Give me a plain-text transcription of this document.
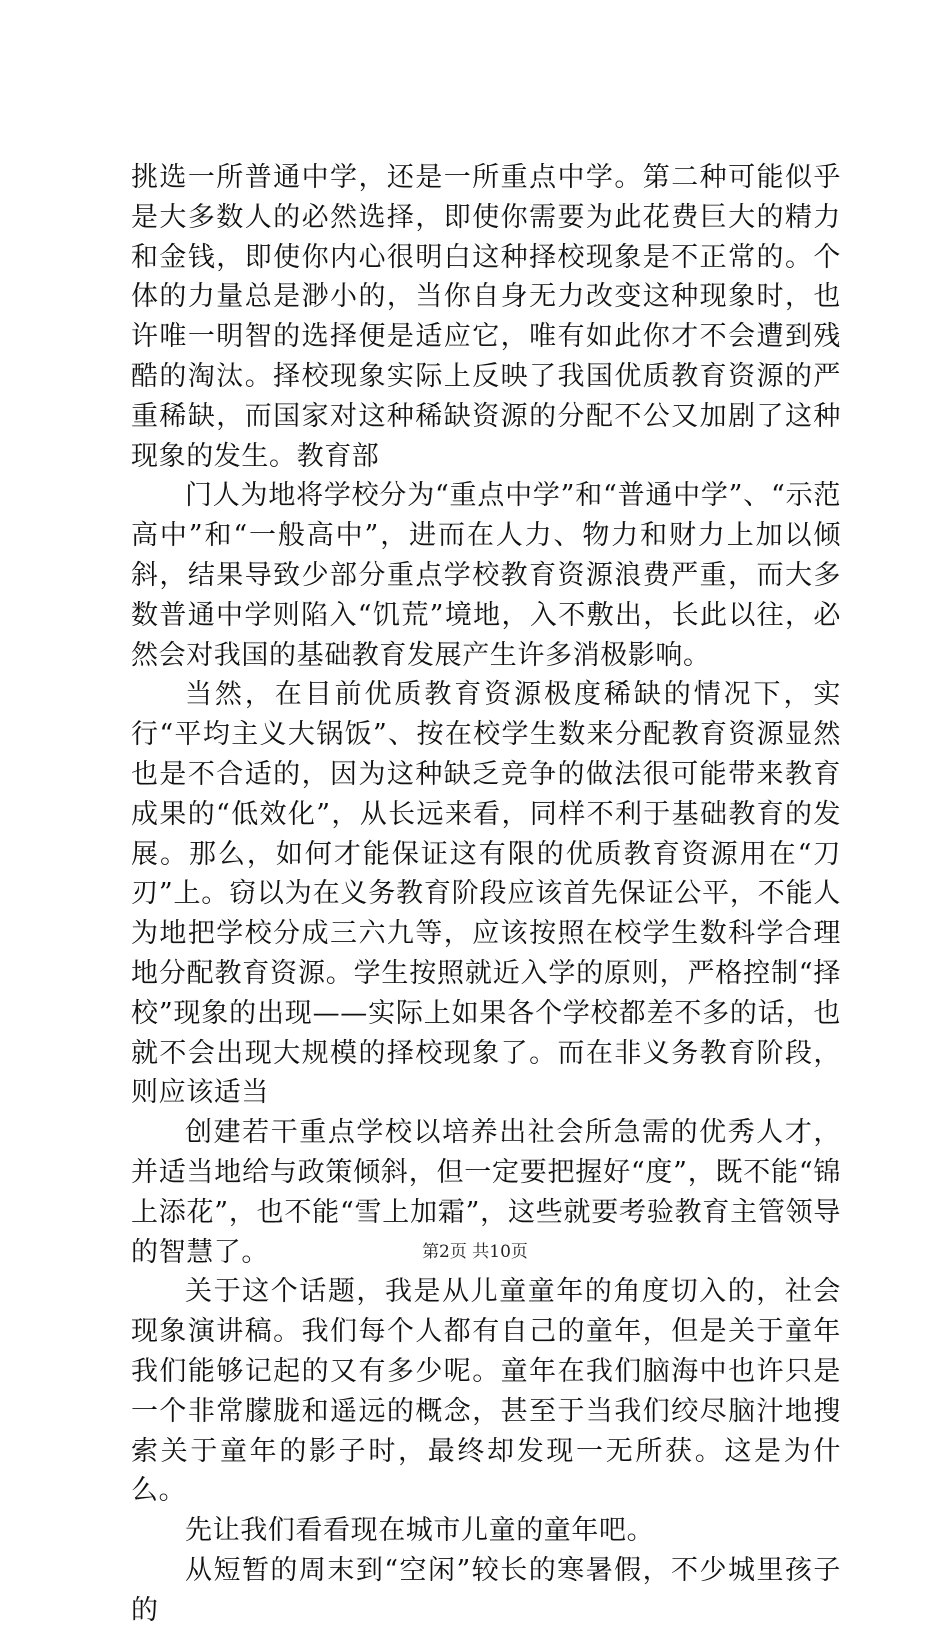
挑选一所普通中学，还是一所重点中学。第二种可能似乎是大多数人的必然选择，即使你需要为此花费巨大的精力和金钱，即使你内心很明白这种择校现象是不正常的。个体的力量总是渺小的，当你自身无力改变这种现象时，也许唯一明智的选择便是适应它，唯有如此你才不会遭到残酷的淘汰。择校现象实际上反映了我国优质教育资源的严重稀缺，而国家对这种稀缺资源的分配不公又加剧了这种现象的发生。教育部

门人为地将学校分为“重点中学”和“普通中学”、“示范高中”和“一般高中”，进而在人力、物力和财力上加以倾斜，结果导致少部分重点学校教育资源浪费严重，而大多数普通中学则陷入“饥荒”境地，入不敷出，长此以往，必然会对我国的基础教育发展产生许多消极影响。

当然，在目前优质教育资源极度稀缺的情况下，实行“平均主义大锅饭”、按在校学生数来分配教育资源显然也是不合适的，因为这种缺乏竞争的做法很可能带来教育成果的“低效化”，从长远来看，同样不利于基础教育的发展。那么，如何才能保证这有限的优质教育资源用在“刀刃”上。窃以为在义务教育阶段应该首先保证公平，不能人为地把学校分成三六九等，应该按照在校学生数科学合理地分配教育资源。学生按照就近入学的原则，严格控制“择校”现象的出现——实际上如果各个学校都差不多的话，也就不会出现大规模的择校现象了。而在非义务教育阶段，则应该适当

创建若干重点学校以培养出社会所急需的优秀人才，并适当地给与政策倾斜，但一定要把握好“度”，既不能“锦上添花”，也不能“雪上加霜”，这些就要考验教育主管领导的智慧了。

关于这个话题，我是从儿童童年的角度切入的，社会现象演讲稿。我们每个人都有自己的童年，但是关于童年我们能够记起的又有多少呢。童年在我们脑海中也许只是一个非常朦胧和遥远的概念，甚至于当我们绞尽脑汁地搜索关于童年的影子时，最终却发现一无所获。这是为什么。

先让我们看看现在城市儿童的童年吧。

从短暂的周末到“空闲”较长的寒暑假，不少城里孩子的

第2页 共10页
